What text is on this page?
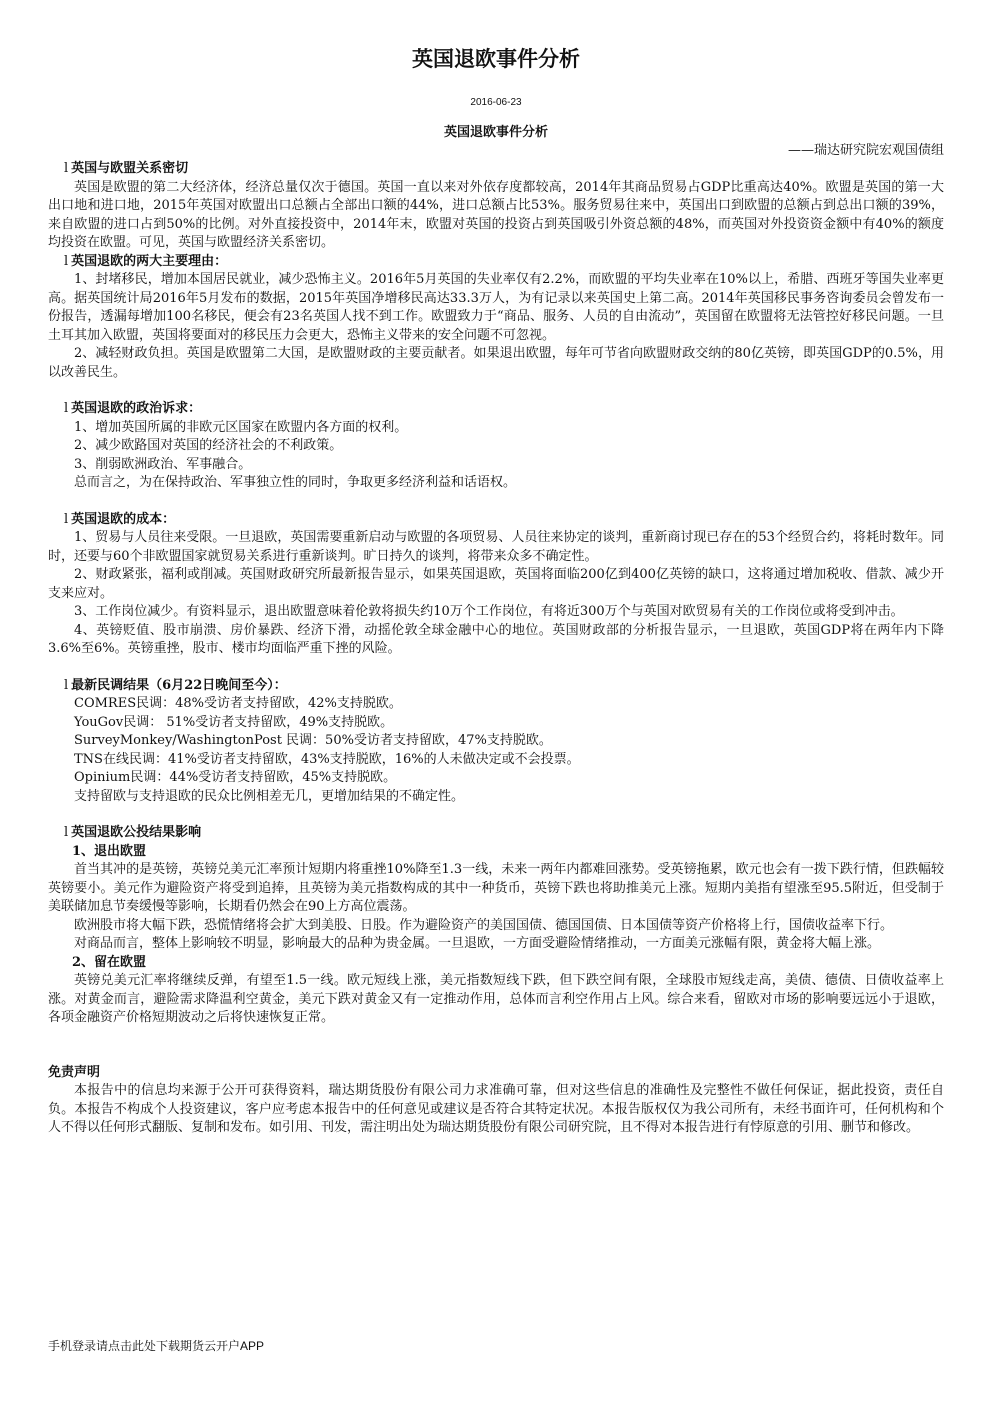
英国退欧事件分析
2016-06-23
英国退欧事件分析
——瑞达研究院宏观国债组
l 英国与欧盟关系密切

英国是欧盟的第二大经济体，经济总量仅次于德国。英国一直以来对外依存度都较高，2014年其商品贸易占GDP比重高达40%。欧盟是英国的第一大出口地和进口地，2015年英国对欧盟出口总额占全部出口额的44%，进口总额占比53%。服务贸易往来中，英国出口到欧盟的总额占到总出口额的39%，来自欧盟的进口占到50%的比例。对外直接投资中，2014年末，欧盟对英国的投资占到英国吸引外资总额的48%，而英国对外投资资金额中有40%的额度均投资在欧盟。可见，英国与欧盟经济关系密切。

l 英国退欧的两大主要理由：

1、封堵移民，增加本国居民就业，减少恐怖主义。2016年5月英国的失业率仅有2.2%，而欧盟的平均失业率在10%以上，希腊、西班牙等国失业率更高。据英国统计局2016年5月发布的数据，2015年英国净增移民高达33.3万人，为有记录以来英国史上第二高。2014年英国移民事务咨询委员会曾发布一份报告，透漏每增加100名移民，便会有23名英国人找不到工作。欧盟致力于“商品、服务、人员的自由流动”，英国留在欧盟将无法管控好移民问题。一旦土耳其加入欧盟，英国将要面对的移民压力会更大，恐怖主义带来的安全问题不可忽视。

2、减轻财政负担。英国是欧盟第二大国，是欧盟财政的主要贡献者。如果退出欧盟，每年可节省向欧盟财政交纳的80亿英镑，即英国GDP的0.5%，用以改善民生。

l 英国退欧的政治诉求：

1、增加英国所属的非欧元区国家在欧盟内各方面的权利。

2、减少欧路国对英国的经济社会的不利政策。

3、削弱欧洲政治、军事融合。

总而言之，为在保持政治、军事独立性的同时，争取更多经济利益和话语权。

l 英国退欧的成本：

1、贸易与人员往来受限。一旦退欧，英国需要重新启动与欧盟的各项贸易、人员往来协定的谈判，重新商讨现已存在的53个经贸合约，将耗时数年。同时，还要与60个非欧盟国家就贸易关系进行重新谈判。旷日持久的谈判，将带来众多不确定性。

2、财政紧张，福利或削减。英国财政研究所最新报告显示，如果英国退欧，英国将面临200亿到400亿英镑的缺口，这将通过增加税收、借款、减少开支来应对。

3、工作岗位减少。有资料显示，退出欧盟意味着伦敦将损失约10万个工作岗位，有将近300万个与英国对欧贸易有关的工作岗位或将受到冲击。

4、英镑贬值、股市崩溃、房价暴跌、经济下滑，动摇伦敦全球金融中心的地位。英国财政部的分析报告显示，一旦退欧，英国GDP将在两年内下降3.6%至6%。英镑重挫，股市、楼市均面临严重下挫的风险。

l 最新民调结果（6月22日晚间至今）：

COMRES民调：48%受访者支持留欧，42%支持脱欧。

YouGov民调： 51%受访者支持留欧，49%支持脱欧。

SurveyMonkey/WashingtonPost 民调：50%受访者支持留欧，47%支持脱欧。

TNS在线民调：41%受访者支持留欧，43%支持脱欧，16%的人未做决定或不会投票。

Opinium民调：44%受访者支持留欧，45%支持脱欧。

支持留欧与支持退欧的民众比例相差无几，更增加结果的不确定性。

l 英国退欧公投结果影响
1、退出欧盟

首当其冲的是英镑，英镑兑美元汇率预计短期内将重挫10%降至1.3一线，未来一两年内都难回涨势。受英镑拖累，欧元也会有一拨下跌行情，但跌幅较英镑要小。美元作为避险资产将受到追捧，且英镑为美元指数构成的其中一种货币，英镑下跌也将助推美元上涨。短期内美指有望涨至95.5附近，但受制于美联储加息节奏缓慢等影响，长期看仍然会在90上方高位震荡。

欧洲股市将大幅下跌，恐慌情绪将会扩大到美股、日股。作为避险资产的美国国债、德国国债、日本国债等资产价格将上行，国债收益率下行。

对商品而言，整体上影响较不明显，影响最大的品种为贵金属。一旦退欧，一方面受避险情绪推动，一方面美元涨幅有限，黄金将大幅上涨。

2、留在欧盟

英镑兑美元汇率将继续反弹，有望至1.5一线。欧元短线上涨，美元指数短线下跌，但下跌空间有限，全球股市短线走高，美债、德债、日债收益率上涨。对黄金而言，避险需求降温利空黄金，美元下跌对黄金又有一定推动作用，总体而言利空作用占上风。综合来看，留欧对市场的影响要远远小于退欧，各项金融资产价格短期波动之后将快速恢复正常。

免责声明

本报告中的信息均来源于公开可获得资料，瑞达期货股份有限公司力求准确可靠，但对这些信息的准确性及完整性不做任何保证，据此投资，责任自负。本报告不构成个人投资建议，客户应考虑本报告中的任何意见或建议是否符合其特定状况。本报告版权仅为我公司所有，未经书面许可，任何机构和个人不得以任何形式翻版、复制和发布。如引用、刊发，需注明出处为瑞达期货股份有限公司研究院，且不得对本报告进行有悖原意的引用、删节和修改。

手机登录请点击此处下载期货云开户APP
